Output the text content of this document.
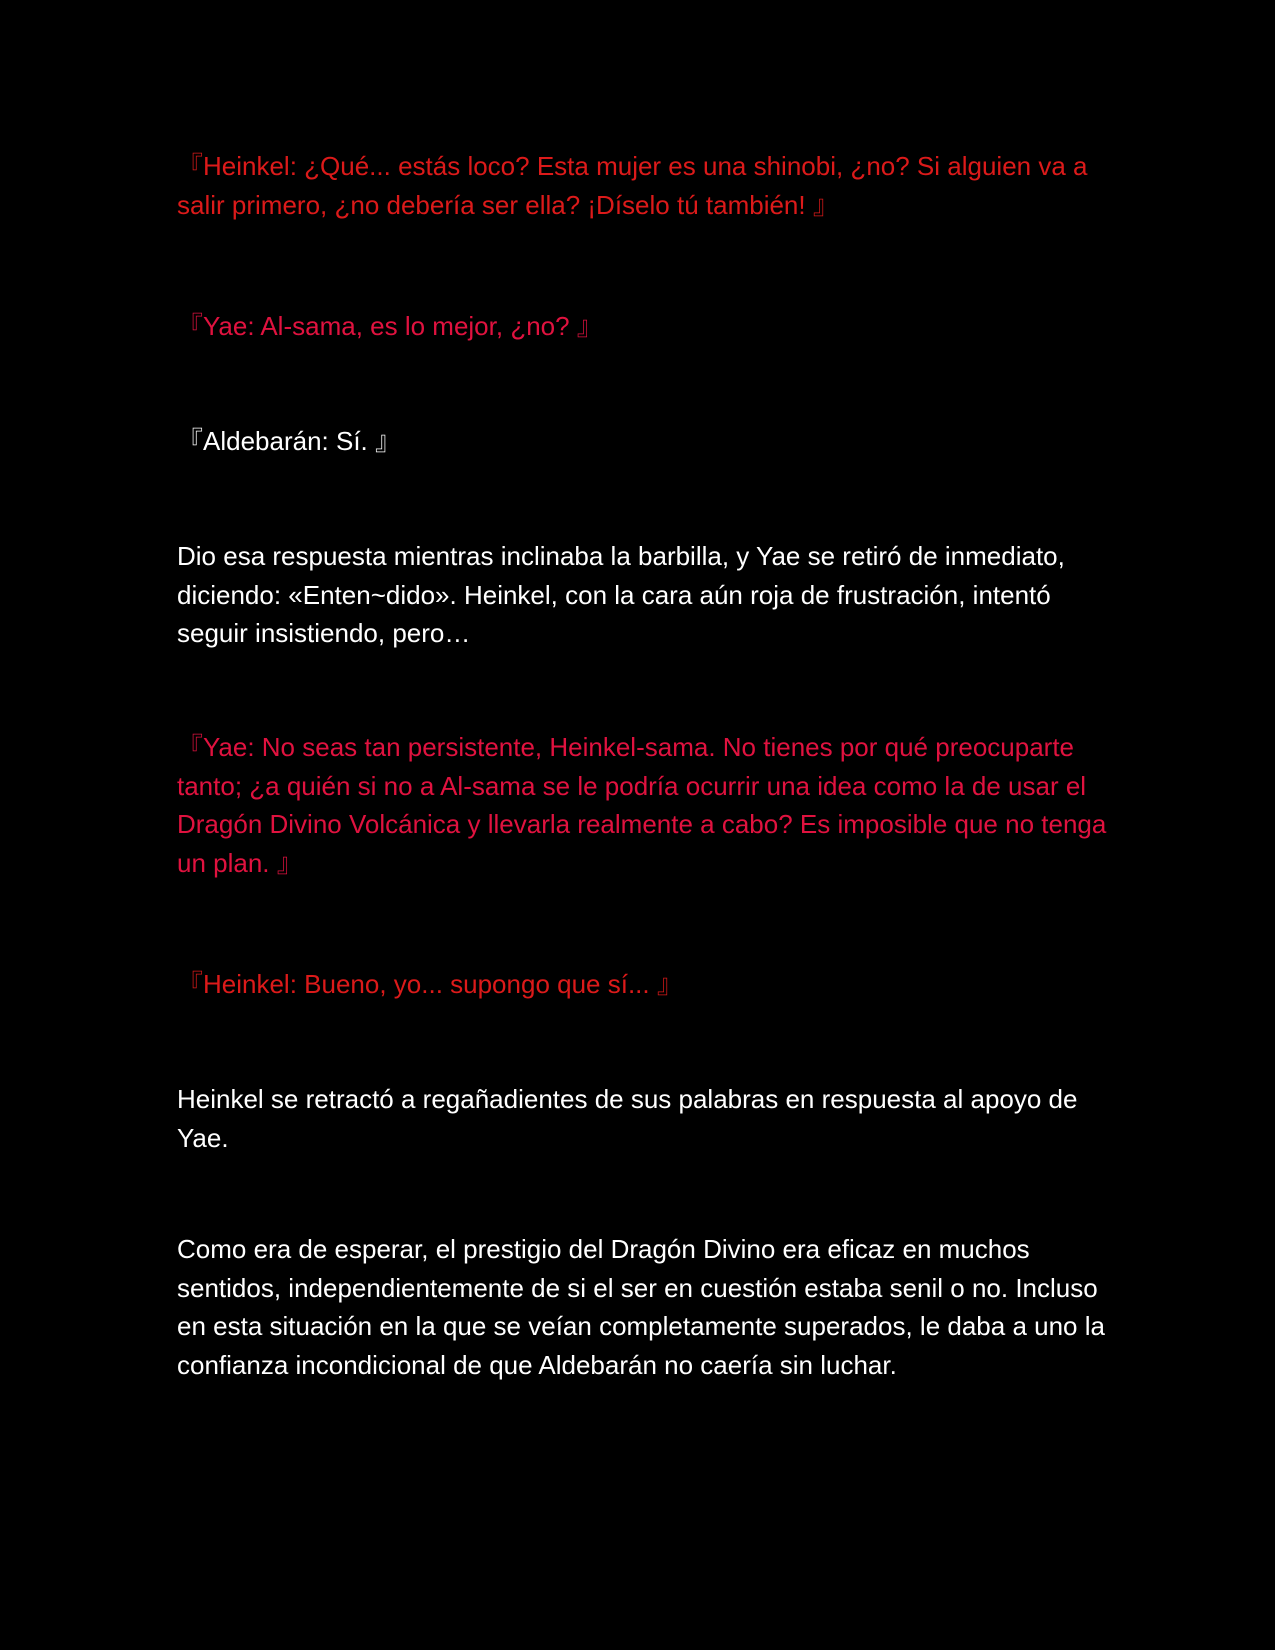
『Heinkel: ¿Qué... estás loco? Esta mujer es una shinobi, ¿no? Si alguien va a salir primero, ¿no debería ser ella? ¡Díselo tú también! 』

『Yae: Al-sama, es lo mejor, ¿no? 』

『Aldebarán: Sí. 』

Dio esa respuesta mientras inclinaba la barbilla, y Yae se retiró de inmediato, diciendo: «Enten~dido». Heinkel, con la cara aún roja de frustración, intentó seguir insistiendo, pero…

『Yae: No seas tan persistente, Heinkel-sama. No tienes por qué preocuparte tanto; ¿a quién si no a Al-sama se le podría ocurrir una idea como la de usar el Dragón Divino Volcánica y llevarla realmente a cabo? Es imposible que no tenga un plan. 』

『Heinkel: Bueno, yo... supongo que sí... 』

Heinkel se retractó a regañadientes de sus palabras en respuesta al apoyo de Yae.

Como era de esperar, el prestigio del Dragón Divino era eficaz en muchos sentidos, independientemente de si el ser en cuestión estaba senil o no. Incluso en esta situación en la que se veían completamente superados, le daba a uno la confianza incondicional de que Aldebarán no caería sin luchar.
